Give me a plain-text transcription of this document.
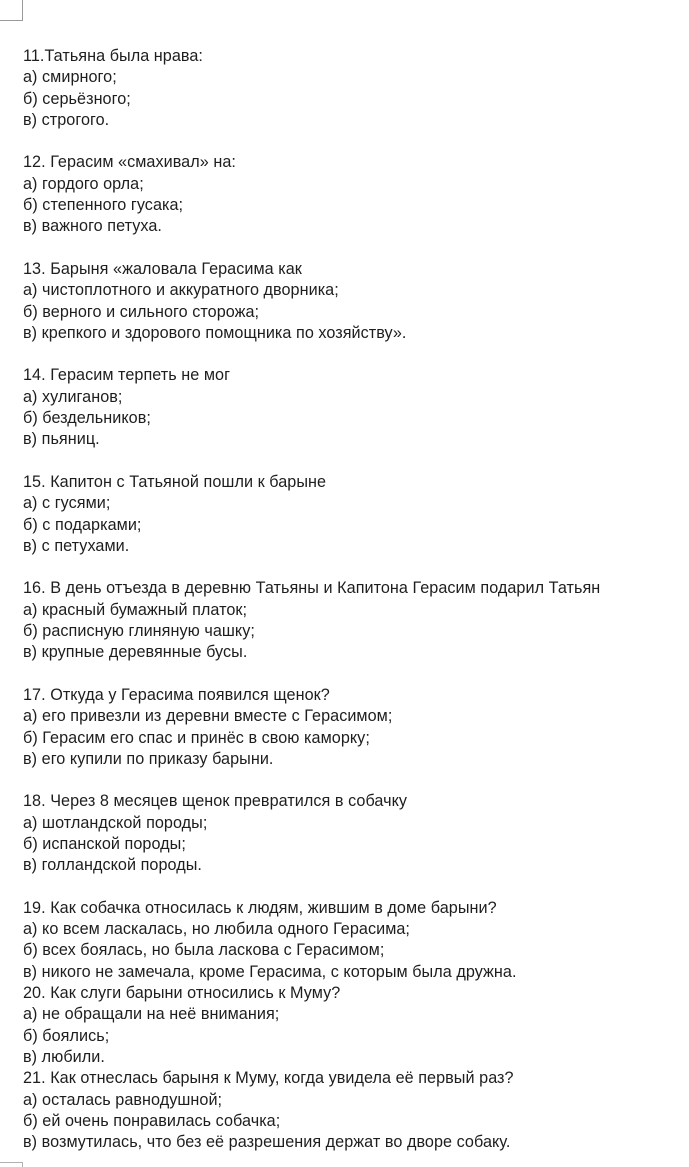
11.Татьяна была нрава:
а) смирного;
б) серьёзного;
в) строгого.
12. Герасим «смахивал» на:
а) гордого орла;
б) степенного гусака;
в) важного петуха.
13. Барыня «жаловала Герасима как
а) чистоплотного и аккуратного дворника;
б) верного и сильного сторожа;
в) крепкого и здорового помощника по хозяйству».
14. Герасим терпеть не мог
а) хулиганов;
б) бездельников;
в) пьяниц.
15. Капитон с Татьяной пошли к барыне
а) с гусями;
б) с подарками;
в) с петухами.
16. В день отъезда в деревню Татьяны и Капитона Герасим подарил Татьян
а) красный бумажный платок;
б) расписную глиняную чашку;
в) крупные деревянные бусы.
17. Откуда у Герасима появился щенок?
а) его привезли из деревни вместе с Герасимом;
б) Герасим его спас и принёс в свою каморку;
в) его купили по приказу барыни.
18. Через 8 месяцев щенок превратился в собачку
а) шотландской породы;
б) испанской породы;
в) голландской породы.
19. Как собачка относилась к людям, жившим в доме барыни?
а) ко всем ласкалась, но любила одного Герасима;
б) всех боялась, но была ласкова с Герасимом;
в) никого не замечала, кроме Герасима, с которым была дружна.
20. Как слуги барыни относились к Муму?
а) не обращали на неё внимания;
б) боялись;
в) любили.
21. Как отнеслась барыня к Муму, когда увидела её первый раз?
а) осталась равнодушной;
б) ей очень понравилась собачка;
в) возмутилась, что без её разрешения держат во дворе собаку.
